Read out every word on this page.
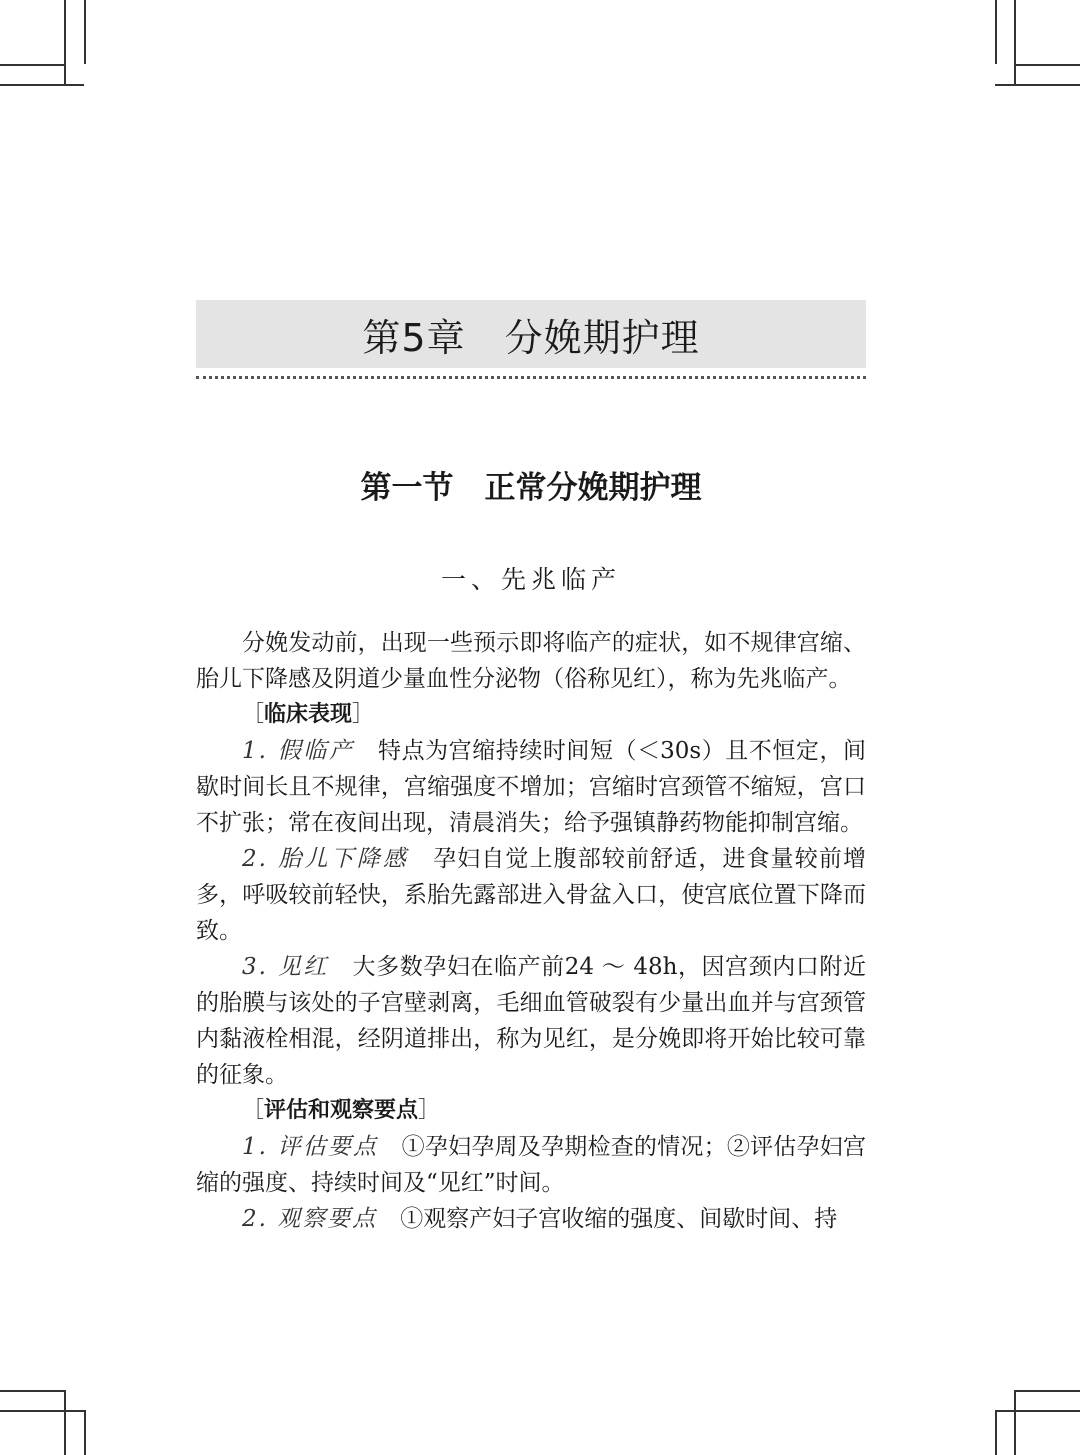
第5章　分娩期护理
第一节　正常分娩期护理
一、先兆临产

分娩发动前，出现一些预示即将临产的症状，如不规律宫缩、胎儿下降感及阴道少量血性分泌物（俗称见红），称为先兆临产。

［临床表现］

1. 假临产　特点为宫缩持续时间短（＜30s）且不恒定，间歇时间长且不规律，宫缩强度不增加；宫缩时宫颈管不缩短，宫口不扩张；常在夜间出现，清晨消失；给予强镇静药物能抑制宫缩。

2. 胎儿下降感　孕妇自觉上腹部较前舒适，进食量较前增多，呼吸较前轻快，系胎先露部进入骨盆入口，使宫底位置下降而致。

3. 见红　大多数孕妇在临产前24 ～ 48h，因宫颈内口附近的胎膜与该处的子宫壁剥离，毛细血管破裂有少量出血并与宫颈管内黏液栓相混，经阴道排出，称为见红，是分娩即将开始比较可靠的征象。

［评估和观察要点］

1. 评估要点　①孕妇孕周及孕期检查的情况；②评估孕妇宫缩的强度、持续时间及“见红”时间。

2. 观察要点　①观察产妇子宫收缩的强度、间歇时间、持
